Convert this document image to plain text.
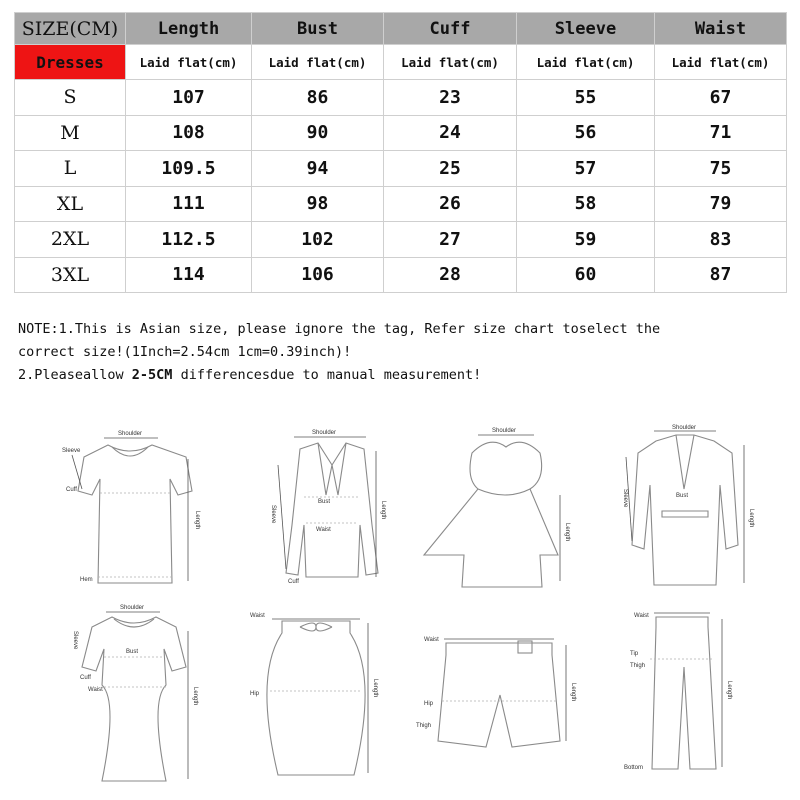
SIZE(CM)	Length	Bust	Cuff	Sleeve	Waist
Dresses	Laid flat(cm)	Laid flat(cm)	Laid flat(cm)	Laid flat(cm)	Laid flat(cm)
S	107	86	23	55	67
M	108	90	24	56	71
L	109.5	94	25	57	75
XL	111	98	26	58	79
2XL	112.5	102	27	59	83
3XL	114	106	28	60	87
NOTE:1.This is Asian size, please ignore the tag, Refer size chart toselect the
correct size!(1Inch=2.54cm 1cm=0.39inch)!
2.Pleaseallow 2-5CM differencesdue to manual measurement!
Shoulder
Sleeve
Cuff
Length
Hem
Shoulder
Sleeve
Bust
Waist
Length
Cuff
Shoulder
Length
Shoulder
Sleeve	Bust
Length
Shoulder
Sleeve
Bust
Cuff
Waist	Length
Waist
Hip	Length
Waist
Hip
Thigh
Length
Waist
Tip
Thigh
Length
Bottom
